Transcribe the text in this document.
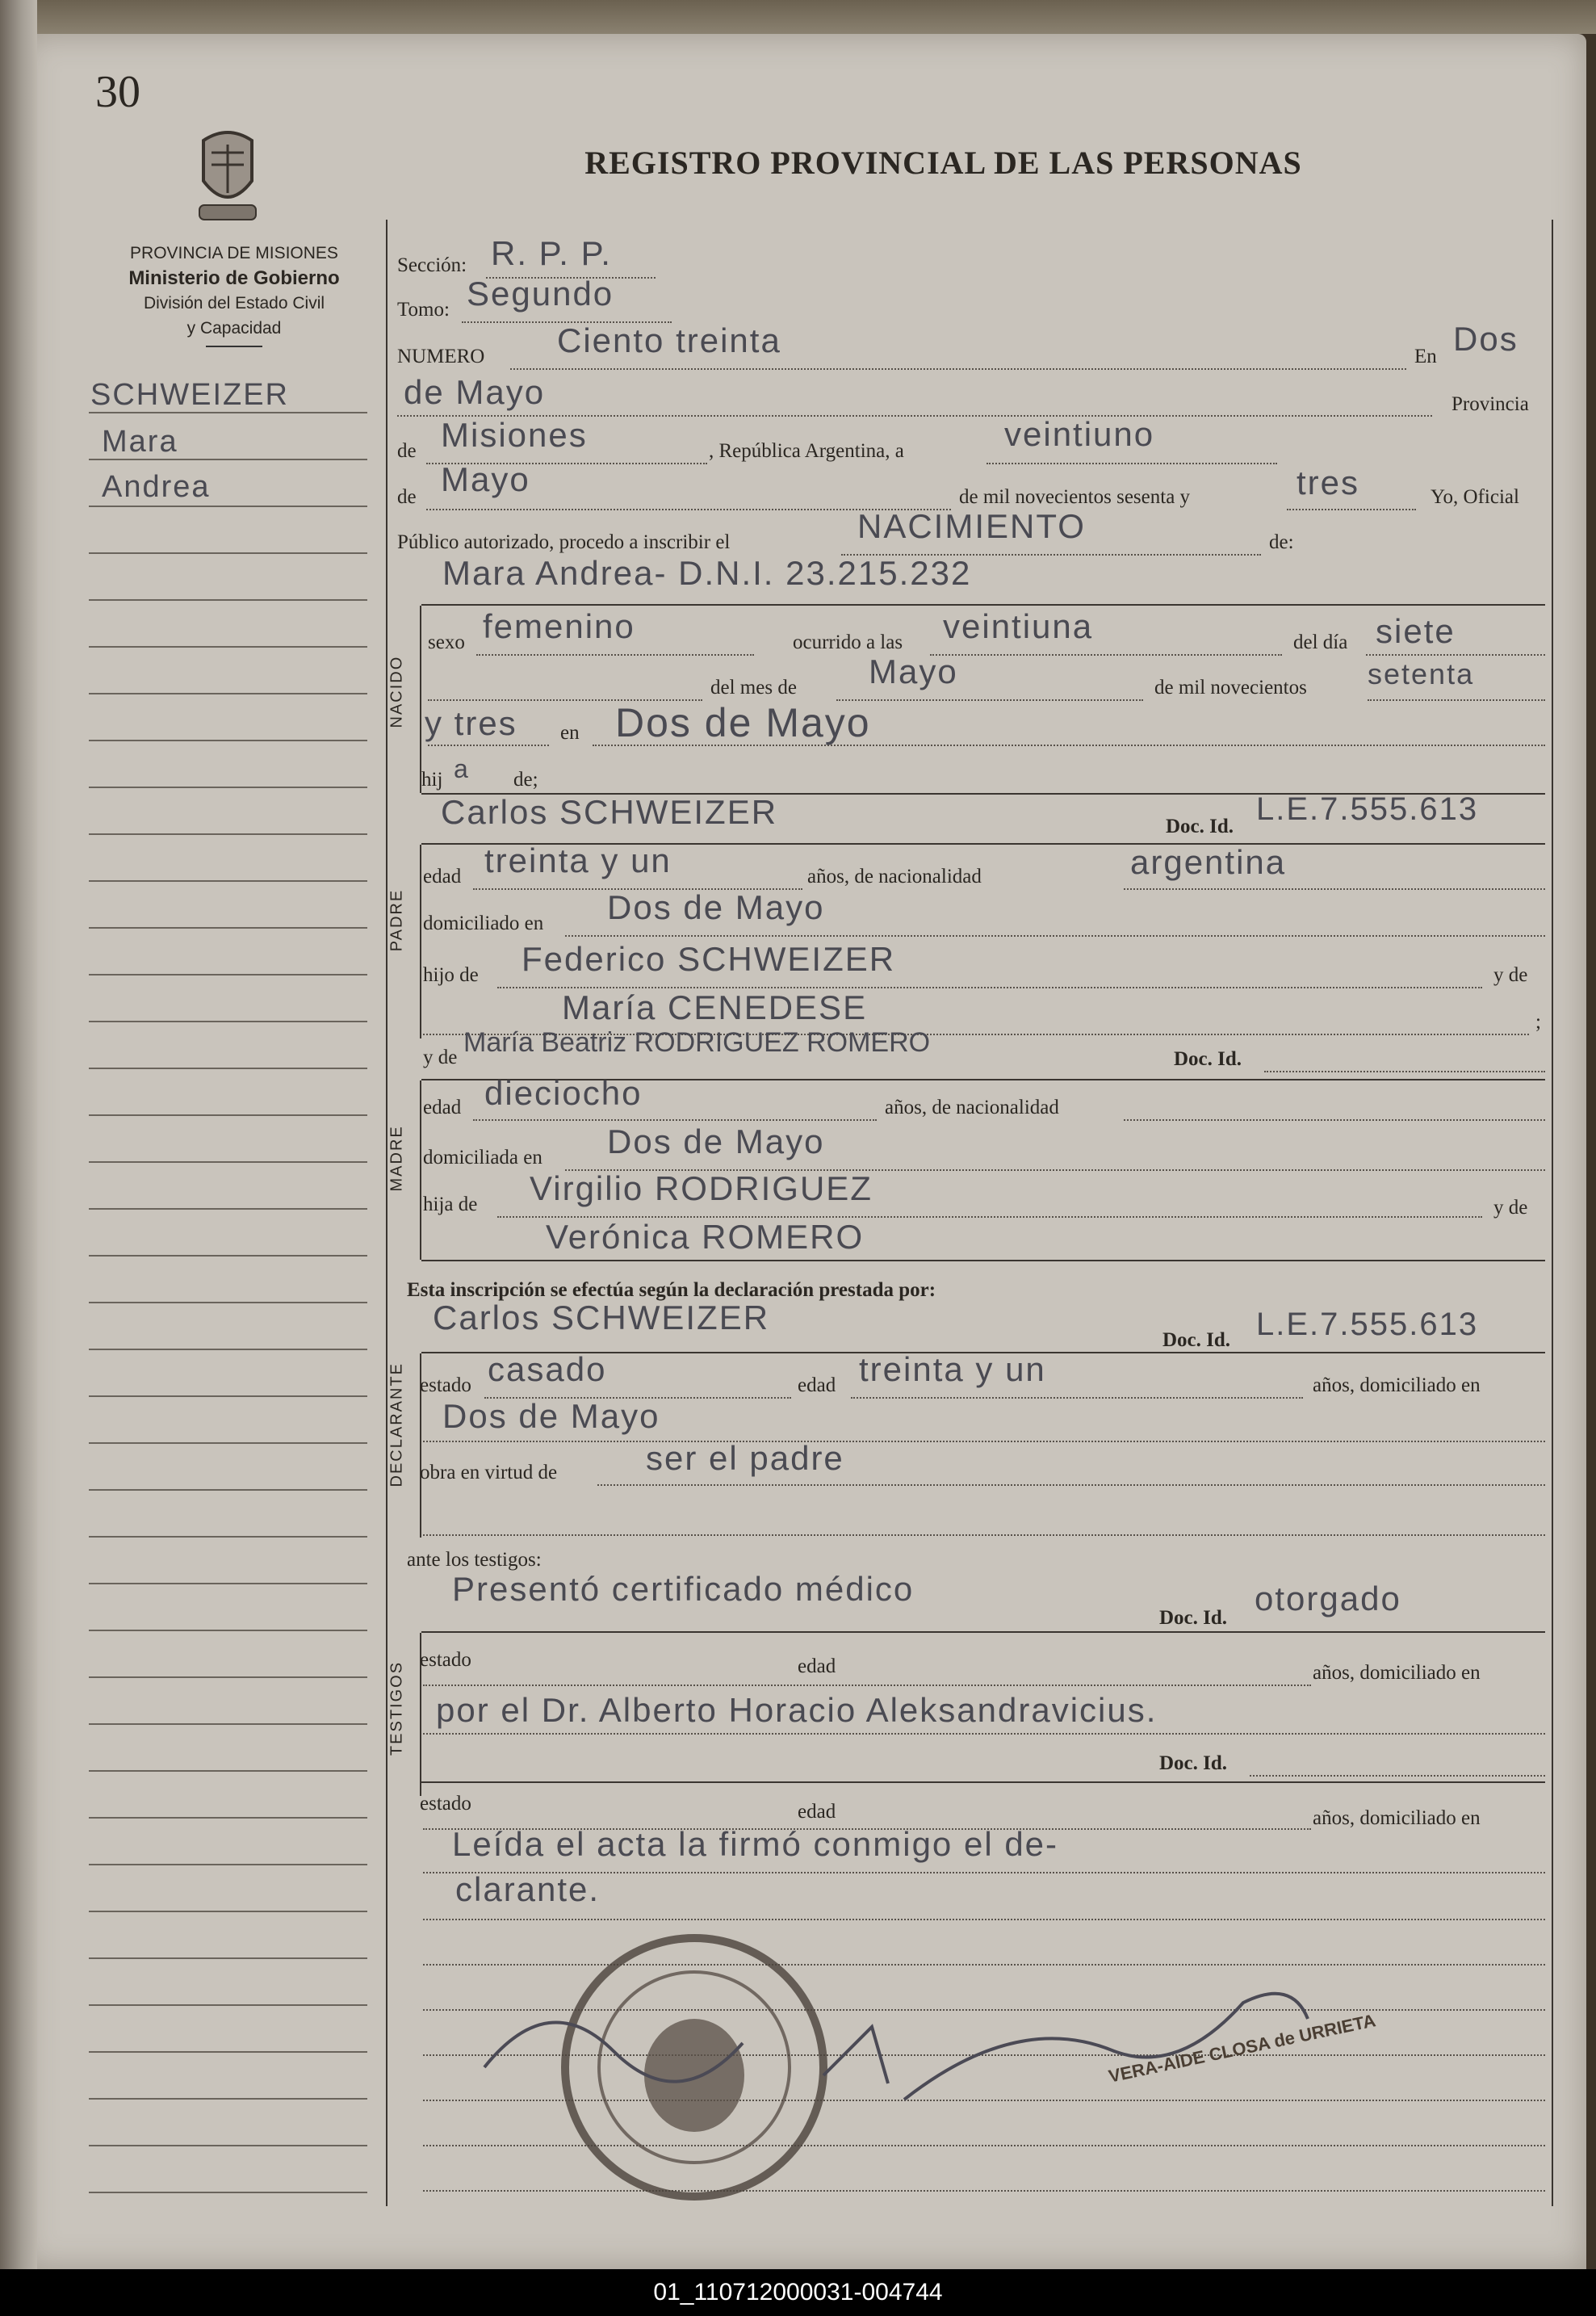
30
REGISTRO PROVINCIAL DE LAS PERSONAS
PROVINCIA DE MISIONES
Ministerio de Gobierno
División del Estado Civil
y Capacidad
SCHWEIZER
Mara
Andrea
Sección: R. P. P.
Tomo: Segundo
NUMERO Ciento treinta	En Dos
de Mayo	Provincia
de Misiones	, República Argentina, a	veintiuno
de Mayo	de mil novecientos sesenta y	tres	Yo, Oficial
Público autorizado, procedo a inscribir el	NACIMIENTO	de:
Mara Andrea- D.N.I. 23.215.232
NACIDO
sexo femenino	ocurrido a las veintiuna	del día siete
del mes de Mayo	de mil novecientos setenta
y tres en Dos de Mayo
hij a de;
Carlos SCHWEIZER	Doc. Id. L.E.7.555.613
PADRE
edad treinta y un	años, de nacionalidad	argentina
domiciliado en Dos de Mayo
hijo de Federico SCHWEIZER	y de
María CENEDESE	;
y de María Beatriz RODRIGUEZ ROMERO
Doc. Id.
MADRE
edad dieciocho	años, de nacionalidad
domiciliada en Dos de Mayo
hija de Virgilio RODRIGUEZ
Verónica ROMERO
y de
Esta inscripción se efectúa según la declaración prestada por:
Carlos SCHWEIZER
Doc. Id. L.E.7.555.613
DECLARANTE estado casado	edad treinta y un	años, domiciliado en
Dos de Mayo
obra en virtud de	ser el padre
ante los testigos:
Presentó certificado médico
Doc. Id.
otorgado
TESTIGOS
estado	edad	años, domiciliado en
por el Dr. Alberto Horacio Aleksandravicius.
Doc. Id.
estado	edad	años, domiciliado en
Leída el acta la firmó conmigo el de-
clarante.
VERA-AIDE CLOSA de URRIETA
01_110712000031-004744
